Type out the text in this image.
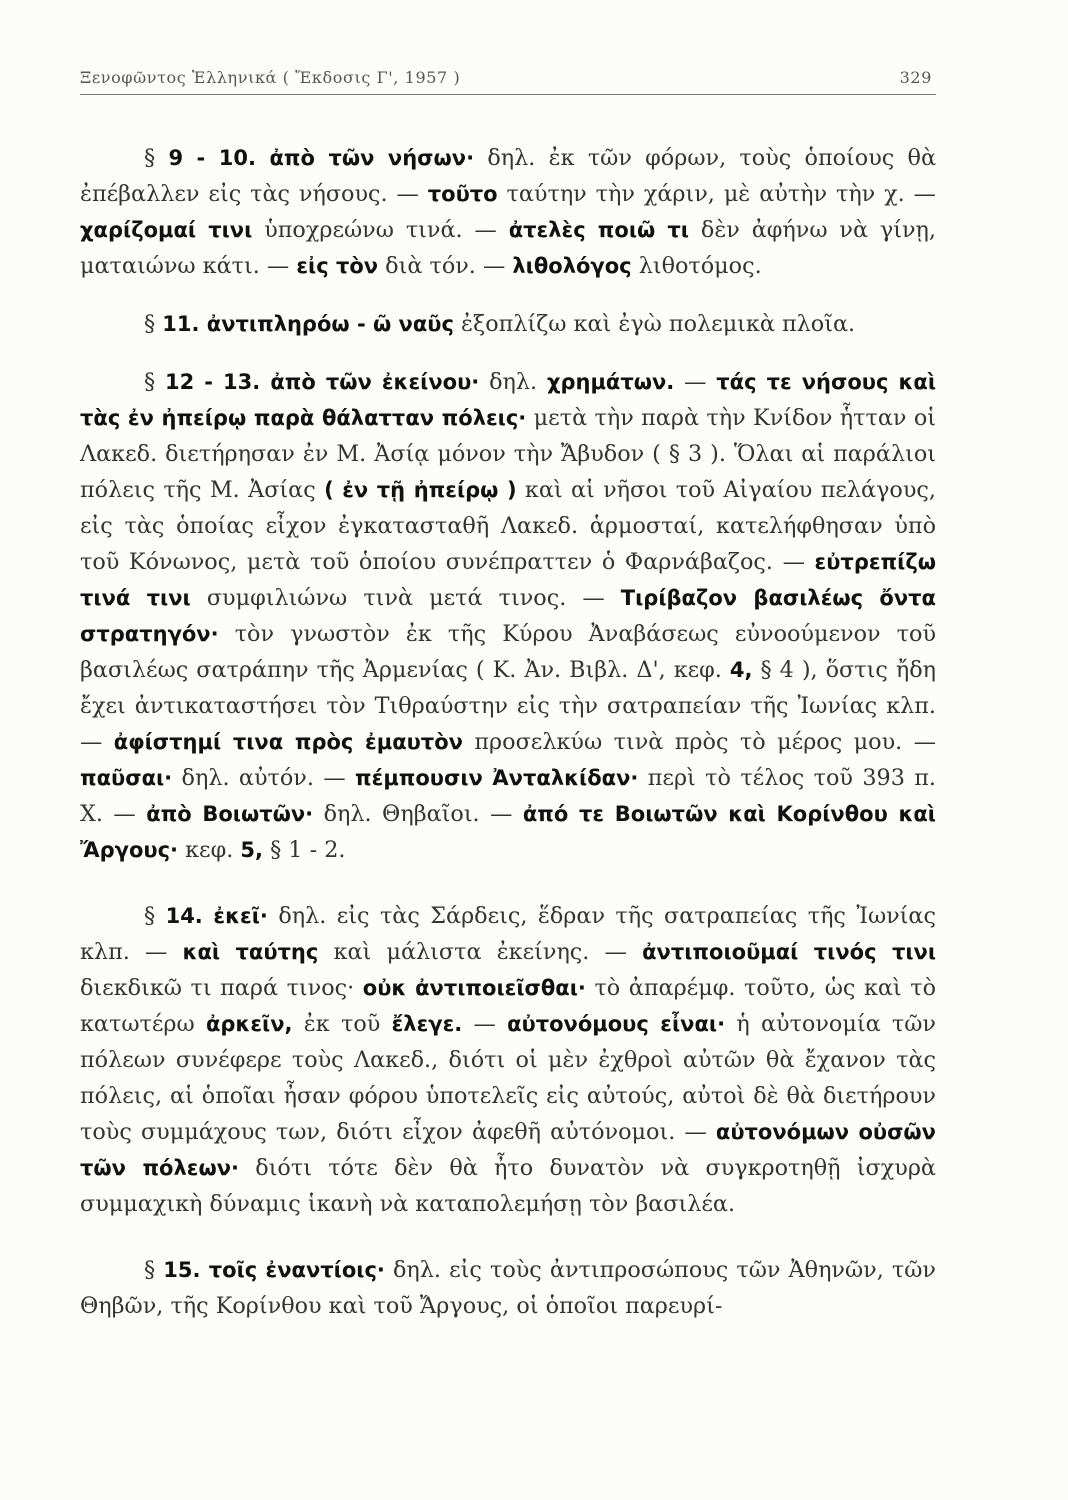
Ξενοφῶντος Ἑλληνικά ( Ἔκδοσις Γ', 1957 )	329

§ 9 - 10. ἀπὸ τῶν νήσων· δηλ. ἐκ τῶν φόρων, τοὺς ὁποίους θὰ ἐπέβαλλεν εἰς τὰς νήσους. — τοῦτο ταύτην τὴν χάριν, μὲ αὐτὴν τὴν χ. — χαρίζομαί τινι ὑποχρεώνω τινά. — ἀτελὲς ποιῶ τι δὲν ἀφήνω νὰ γίνῃ, ματαιώνω κάτι. — εἰς τὸν διὰ τόν. — λιθολόγος λιθοτόμος.

§ 11. ἀντιπληρόω - ῶ ναῦς ἐξοπλίζω καὶ ἐγὼ πολεμικὰ πλοῖα.

§ 12 - 13. ἀπὸ τῶν ἐκείνου· δηλ. χρημάτων. — τάς τε νήσους καὶ τὰς ἐν ἠπείρῳ παρὰ θάλατταν πόλεις· μετὰ τὴν παρὰ τὴν Κνίδον ἧτταν οἱ Λακεδ. διετήρησαν ἐν Μ. Ἀσίᾳ μόνον τὴν Ἄβυδον ( § 3 ). Ὅλαι αἱ παράλιοι πόλεις τῆς Μ. Ἀσίας ( ἐν τῇ ἠπείρῳ ) καὶ αἱ νῆσοι τοῦ Αἰγαίου πελάγους, εἰς τὰς ὁποίας εἶχον ἐγκατασταθῆ Λακεδ. ἁρμοσταί, κατελήφθησαν ὑπὸ τοῦ Κόνωνος, μετὰ τοῦ ὁποίου συνέπραττεν ὁ Φαρνάβαζος. — εὐτρεπίζω τινά τινι συμφιλιώνω τινὰ μετά τινος. — Τιρίβαζον βασιλέως ὄντα στρατηγόν· τὸν γνωστὸν ἐκ τῆς Κύρου Ἀναβάσεως εὐνοούμενον τοῦ βασιλέως σατράπην τῆς Ἀρμενίας ( Κ. Ἀν. Βιβλ. Δ', κεφ. 4, § 4 ), ὅστις ἤδη ἔχει ἀντικαταστήσει τὸν Τιθραύστην εἰς τὴν σατραπείαν τῆς Ἰωνίας κλπ. — ἀφίστημί τινα πρὸς ἐμαυτὸν προσελκύω τινὰ πρὸς τὸ μέρος μου. — παῦσαι· δηλ. αὐτόν. — πέμπουσιν Ἀνταλκίδαν· περὶ τὸ τέλος τοῦ 393 π. Χ. — ἀπὸ Βοιωτῶν· δηλ. Θηβαῖοι. — ἀπό τε Βοιωτῶν καὶ Κορίνθου καὶ Ἄργους· κεφ. 5, § 1 - 2.

§ 14. ἐκεῖ· δηλ. εἰς τὰς Σάρδεις, ἕδραν τῆς σατραπείας τῆς Ἰωνίας κλπ. — καὶ ταύτης καὶ μάλιστα ἐκείνης. — ἀντιποιοῦμαί τινός τινι διεκδικῶ τι παρά τινος· οὐκ ἀντιποιεῖσθαι· τὸ ἀπαρέμφ. τοῦτο, ὡς καὶ τὸ κατωτέρω ἀρκεῖν, ἐκ τοῦ ἔλεγε. — αὐτονόμους εἶναι· ἡ αὐτονομία τῶν πόλεων συνέφερε τοὺς Λακεδ., διότι οἱ μὲν ἐχθροὶ αὐτῶν θὰ ἔχανον τὰς πόλεις, αἱ ὁποῖαι ἦσαν φόρου ὑποτελεῖς εἰς αὐτούς, αὐτοὶ δὲ θὰ διετήρουν τοὺς συμμάχους των, διότι εἶχον ἀφεθῆ αὐτόνομοι. — αὐτονόμων οὐσῶν τῶν πόλεων· διότι τότε δὲν θὰ ἦτο δυνατὸν νὰ συγκροτηθῇ ἰσχυρὰ συμμαχικὴ δύναμις ἱκανὴ νὰ καταπολεμήσῃ τὸν βασιλέα.

§ 15. τοῖς ἐναντίοις· δηλ. εἰς τοὺς ἀντιπροσώπους τῶν Ἀθηνῶν, τῶν Θηβῶν, τῆς Κορίνθου καὶ τοῦ Ἄργους, οἱ ὁποῖοι παρευρί-
